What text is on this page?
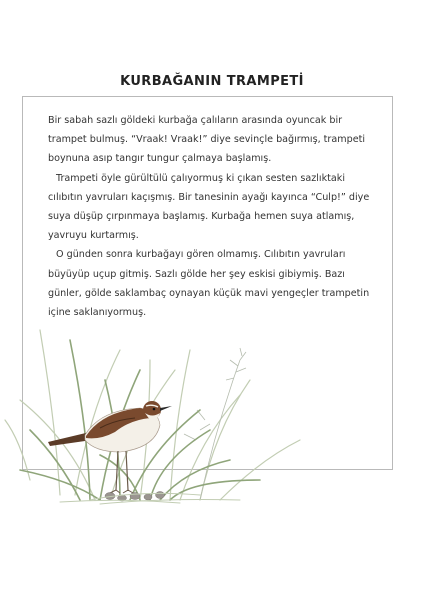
KURBAĞANIN TRAMPETİ

Bir sabah sazlı göldeki kurbağa çalıların arasında oyuncak bir trampet bulmuş. “Vraak! Vraak!” diye sevinçle bağırmış, trampeti boynuna asıp tangır tungur çalmaya başlamış.

Trampeti öyle gürültülü çalıyormuş ki çıkan sesten sazlıktaki cılıbıtın yavruları kaçışmış. Bir tanesinin ayağı kayınca “Culp!” diye suya düşüp çırpınmaya başlamış. Kurbağa hemen suya atlamış, yavruyu kurtarmış.

O günden sonra kurbağayı gören olmamış. Cılıbıtın yavruları büyüyüp uçup gitmiş. Sazlı gölde her şey eskisi gibiymiş. Bazı günler, gölde saklambaç oynayan küçük mavi yengeçler trampetin içine saklanıyormuş.
